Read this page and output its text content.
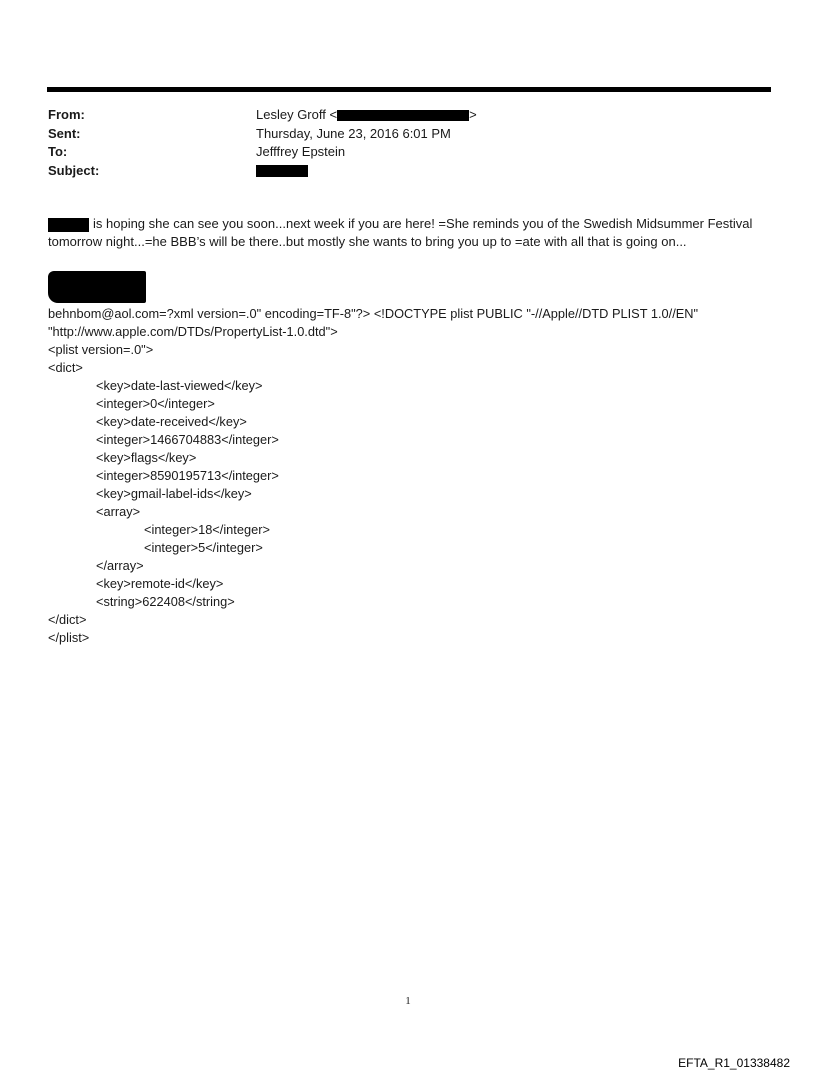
From:	Lesley Groff <	>
Sent:	Thursday, June 23, 2016 6:01 PM
To:	Jefffrey Epstein
Subject:
is hoping she can see you soon...next week if you are here! =She reminds you of the Swedish Midsummer Festival
tomorrow night...=he BBB’s will be there..but mostly she wants to bring you up to =ate with all that is going on...
behnbom@aol.com=?xml version=.0" encoding=TF-8"?> <!DOCTYPE plist PUBLIC "-//Apple//DTD PLIST 1.0//EN"
"http://www.apple.com/DTDs/PropertyList-1.0.dtd">
<plist version=.0">
<dict>
<key>date-last-viewed</key>
<integer>0</integer>
<key>date-received</key>
<integer>1466704883</integer>
<key>flags</key>
<integer>8590195713</integer>
<key>gmail-label-ids</key>
<array>
<integer>18</integer>
<integer>5</integer>
</array>
<key>remote-id</key>
<string>622408</string>
</dict>
</plist>
1
EFTA_R1_01338482
